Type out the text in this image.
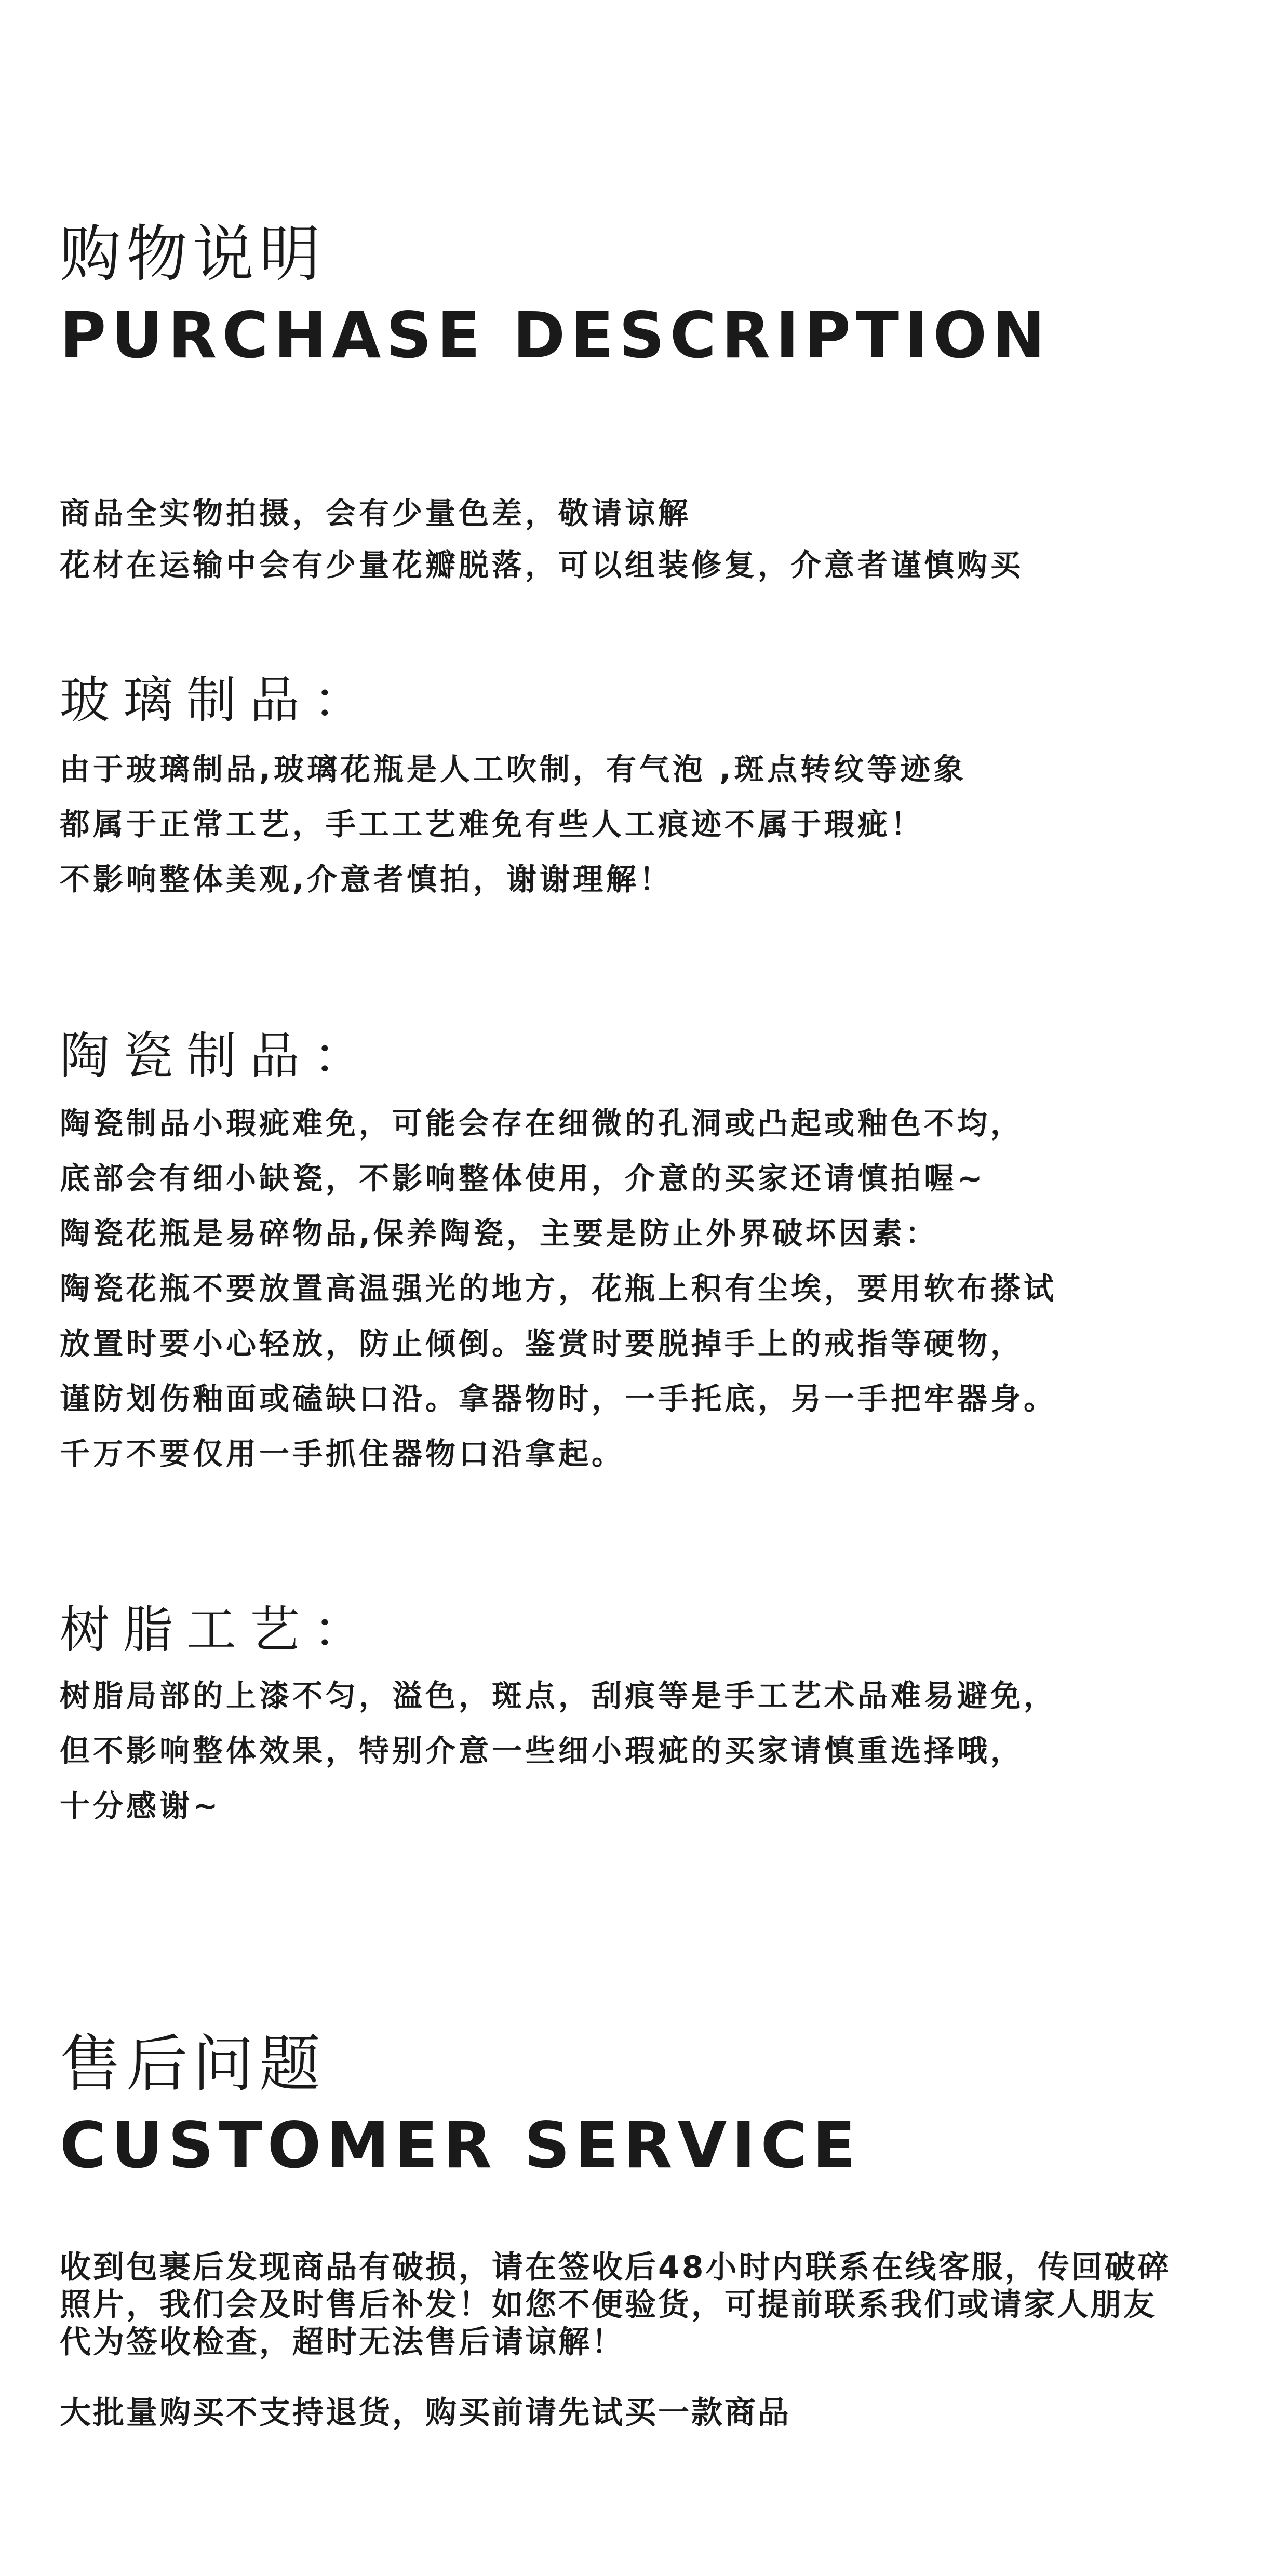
购物说明
PURCHASE DESCRIPTION
商品全实物拍摄，会有少量色差，敬请谅解
花材在运输中会有少量花瓣脱落，可以组装修复，介意者谨慎购买
玻璃制品：
由于玻璃制品,玻璃花瓶是人工吹制，有气泡 ,斑点转纹等迹象
都属于正常工艺，手工工艺难免有些人工痕迹不属于瑕疵！
不影响整体美观,介意者慎拍，谢谢理解！
陶瓷制品：
陶瓷制品小瑕疵难免，可能会存在细微的孔洞或凸起或釉色不均，
底部会有细小缺瓷，不影响整体使用，介意的买家还请慎拍喔~
陶瓷花瓶是易碎物品,保养陶瓷，主要是防止外界破坏因素：
陶瓷花瓶不要放置高温强光的地方，花瓶上积有尘埃，要用软布搽试
放置时要小心轻放，防止倾倒。鉴赏时要脱掉手上的戒指等硬物，
谨防划伤釉面或磕缺口沿。拿器物时，一手托底，另一手把牢器身。
千万不要仅用一手抓住器物口沿拿起。
树脂工艺：
树脂局部的上漆不匀，溢色，斑点，刮痕等是手工艺术品难易避免，
但不影响整体效果，特别介意一些细小瑕疵的买家请慎重选择哦，
十分感谢~
售后问题
CUSTOMER SERVICE
收到包裹后发现商品有破损，请在签收后48小时内联系在线客服，传回破碎
照片，我们会及时售后补发！如您不便验货，可提前联系我们或请家人朋友
代为签收检查，超时无法售后请谅解！
大批量购买不支持退货，购买前请先试买一款商品
